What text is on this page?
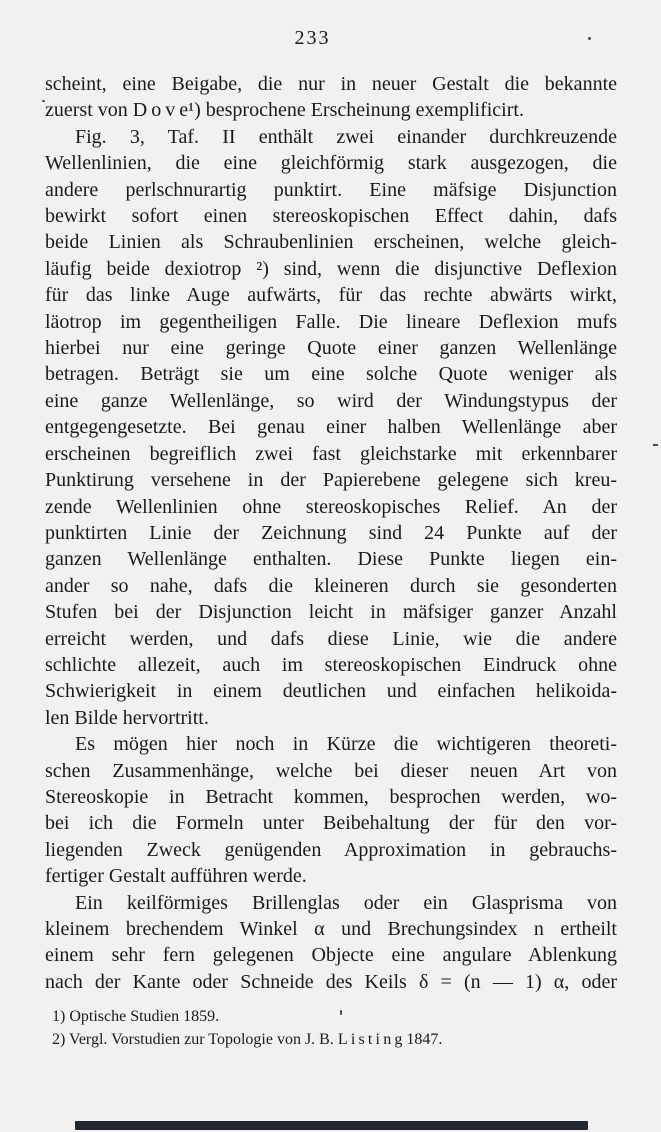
233
scheint, eine Beigabe, die nur in neuer Gestalt die bekannte
zuerst von D o v e¹) besprochene Erscheinung exemplificirt.
Fig. 3, Taf. II enthält zwei einander durchkreuzende
Wellenlinien, die eine gleichförmig stark ausgezogen, die
andere perlschnurartig punktirt. Eine mäfsige Disjunction
bewirkt sofort einen stereoskopischen Effect dahin, dafs
beide Linien als Schraubenlinien erscheinen, welche gleich-
läufig beide dexiotrop ²) sind, wenn die disjunctive Deflexion
für das linke Auge aufwärts, für das rechte abwärts wirkt,
läotrop im gegentheiligen Falle. Die lineare Deflexion mufs
hierbei nur eine geringe Quote einer ganzen Wellenlänge
betragen. Beträgt sie um eine solche Quote weniger als
eine ganze Wellenlänge, so wird der Windungstypus der
entgegengesetzte. Bei genau einer halben Wellenlänge aber
erscheinen begreiflich zwei fast gleichstarke mit erkennbarer
Punktirung versehene in der Papierebene gelegene sich kreu-
zende Wellenlinien ohne stereoskopisches Relief. An der
punktirten Linie der Zeichnung sind 24 Punkte auf der
ganzen Wellenlänge enthalten. Diese Punkte liegen ein-
ander so nahe, dafs die kleineren durch sie gesonderten
Stufen bei der Disjunction leicht in mäfsiger ganzer Anzahl
erreicht werden, und dafs diese Linie, wie die andere
schlichte allezeit, auch im stereoskopischen Eindruck ohne
Schwierigkeit in einem deutlichen und einfachen helikoida-
len Bilde hervortritt.
Es mögen hier noch in Kürze die wichtigeren theoreti-
schen Zusammenhänge, welche bei dieser neuen Art von
Stereoskopie in Betracht kommen, besprochen werden, wo-
bei ich die Formeln unter Beibehaltung der für den vor-
liegenden Zweck genügenden Approximation in gebrauchs-
fertiger Gestalt aufführen werde.
Ein keilförmiges Brillenglas oder ein Glasprisma von
kleinem brechendem Winkel α und Brechungsindex n ertheilt
einem sehr fern gelegenen Objecte eine angulare Ablenkung
nach der Kante oder Schneide des Keils δ = (n — 1) α, oder
1) Optische Studien 1859.
2) Vergl. Vorstudien zur Topologie von J. B. L i s t i n g 1847.
